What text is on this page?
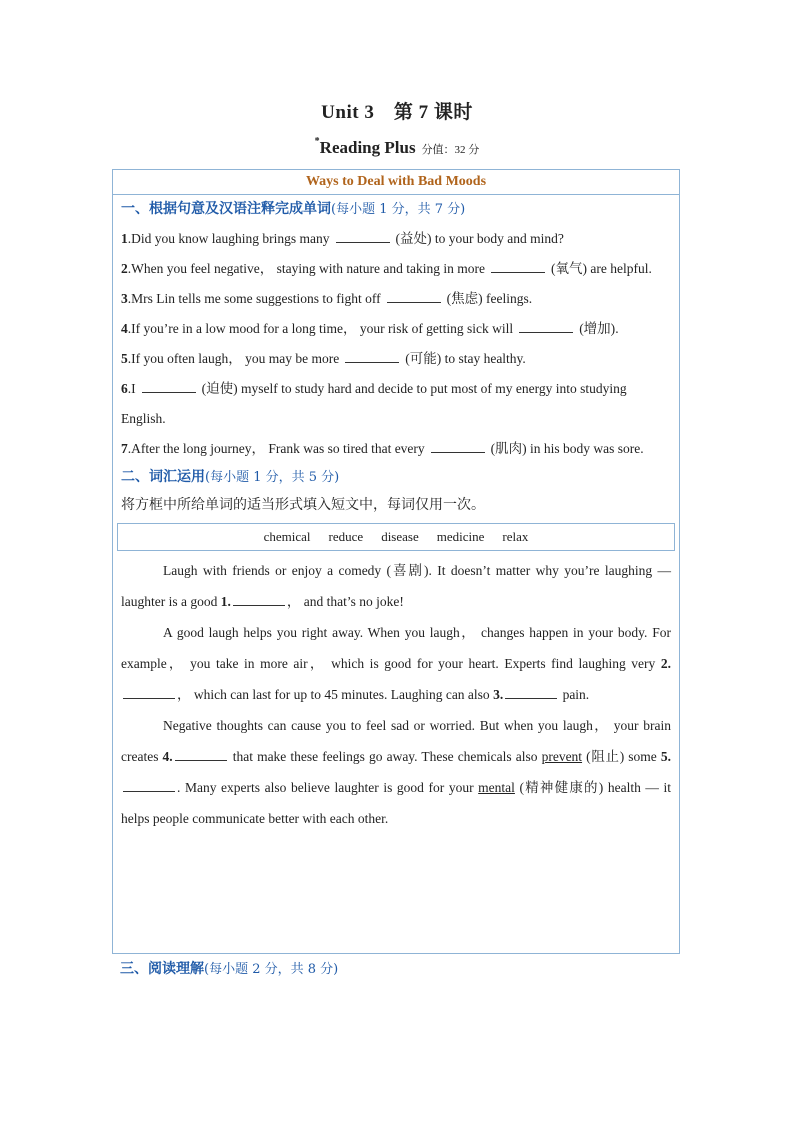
Unit 3　第 7 课时
*Reading Plus 分值：32 分
Ways to Deal with Bad Moods
一、根据句意及汉语注释完成单词(每小题 1 分，共 7 分)

1.Did you know laughing brings many	(益处) to your body and mind?

2.When you feel negative， staying with nature and taking in more	(氧气) are helpful.

3.Mrs Lin tells me some suggestions to fight off	(焦虑) feelings.

4.If you’re in a low mood for a long time， your risk of getting sick will	(增加).

5.If you often laugh， you may be more	(可能) to stay healthy.

6.I	(迫使) myself to study hard and decide to put most of my energy into studying English.

7.After the long journey， Frank was so tired that every	(肌肉) in his body was sore.

二、词汇运用(每小题 1 分，共 5 分)
将方框中所给单词的适当形式填入短文中，每词仅用一次。
chemical reduce disease medicine relax

Laugh with friends or enjoy a comedy (喜剧). It doesn’t matter why you’re laughing — laughter is a good 1.	， and that’s no joke!

A good laugh helps you right away. When you laugh， changes happen in your body. For example， you take in more air， which is good for your heart. Experts find laughing very 2.， which can last for up to 45 minutes. Laughing can also 3.	pain.

Negative thoughts can cause you to feel sad or worried. But when you laugh， your brain creates 4.	that make these feelings go away. These chemicals also prevent (阻止) some 5.. Many experts also believe laughter is good for your mental (精神健康的) health — it helps people communicate better with each other.

三、阅读理解(每小题 2 分，共 8 分)
